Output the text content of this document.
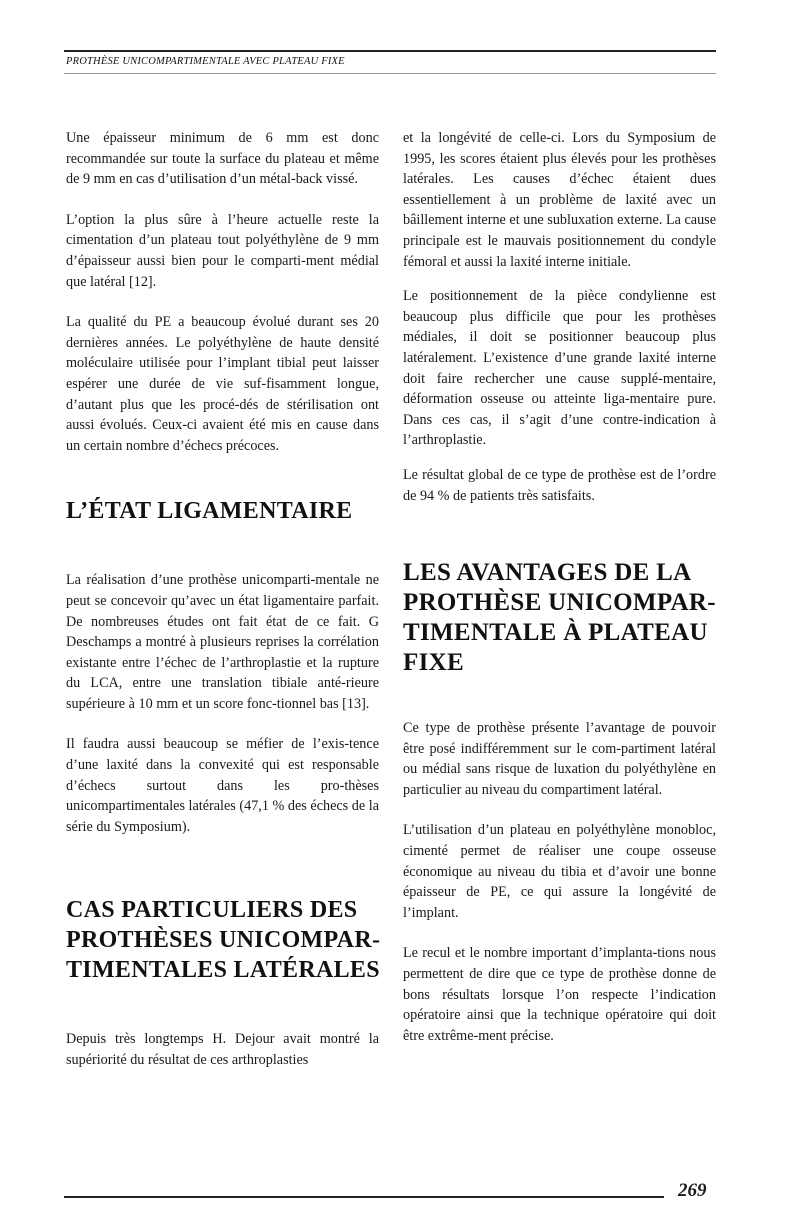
PROTHÈSE UNICOMPARTIMENTALE AVEC PLATEAU FIXE

Une épaisseur minimum de 6 mm est donc recommandée sur toute la surface du plateau et même de 9 mm en cas d’utilisation d’un métal-back vissé.

L’option la plus sûre à l’heure actuelle reste la cimentation d’un plateau tout polyéthylène de 9 mm d’épaisseur aussi bien pour le comparti-ment médial que latéral [12].

La qualité du PE a beaucoup évolué durant ses 20 dernières années. Le polyéthylène de haute densité moléculaire utilisée pour l’implant tibial peut laisser espérer une durée de vie suf-fisamment longue, d’autant plus que les procé-dés de stérilisation ont aussi évolués. Ceux-ci avaient été mis en cause dans un certain nombre d’échecs précoces.

L’ÉTAT LIGAMENTAIRE

La réalisation d’une prothèse unicomparti-mentale ne peut se concevoir qu’avec un état ligamentaire parfait. De nombreuses études ont fait état de ce fait. G Deschamps a montré à plusieurs reprises la corrélation existante entre l’échec de l’arthroplastie et la rupture du LCA, entre une translation tibiale anté-rieure supérieure à 10 mm et un score fonc-tionnel bas [13].

Il faudra aussi beaucoup se méfier de l’exis-tence d’une laxité dans la convexité qui est responsable d’échecs surtout dans les pro-thèses unicompartimentales latérales (47,1 % des échecs de la série du Symposium).

CAS PARTICULIERS DES
PROTHÈSES UNICOMPAR-
TIMENTALES LATÉRALES

Depuis très longtemps H. Dejour avait montré la supériorité du résultat de ces arthroplasties

et la longévité de celle-ci. Lors du Symposium de 1995, les scores étaient plus élevés pour les prothèses latérales. Les causes d’échec étaient dues essentiellement à un problème de laxité avec un bâillement interne et une subluxation externe. La cause principale est le mauvais positionnement du condyle fémoral et aussi la laxité interne initiale.

Le positionnement de la pièce condylienne est beaucoup plus difficile que pour les prothèses médiales, il doit se positionner beaucoup plus latéralement. L’existence d’une grande laxité interne doit faire rechercher une cause supplé-mentaire, déformation osseuse ou atteinte liga-mentaire pure. Dans ces cas, il s’agit d’une contre-indication à l’arthroplastie.

Le résultat global de ce type de prothèse est de l’ordre de 94 % de patients très satisfaits.

LES AVANTAGES DE LA
PROTHÈSE UNICOMPAR-
TIMENTALE À PLATEAU
FIXE

Ce type de prothèse présente l’avantage de pouvoir être posé indifféremment sur le com-partiment latéral ou médial sans risque de luxation du polyéthylène en particulier au niveau du compartiment latéral.

L’utilisation d’un plateau en polyéthylène monobloc, cimenté permet de réaliser une coupe osseuse économique au niveau du tibia et d’avoir une bonne épaisseur de PE, ce qui assure la longévité de l’implant.

Le recul et le nombre important d’implanta-tions nous permettent de dire que ce type de prothèse donne de bons résultats lorsque l’on respecte l’indication opératoire ainsi que la technique opératoire qui doit être extrême-ment précise.

269
